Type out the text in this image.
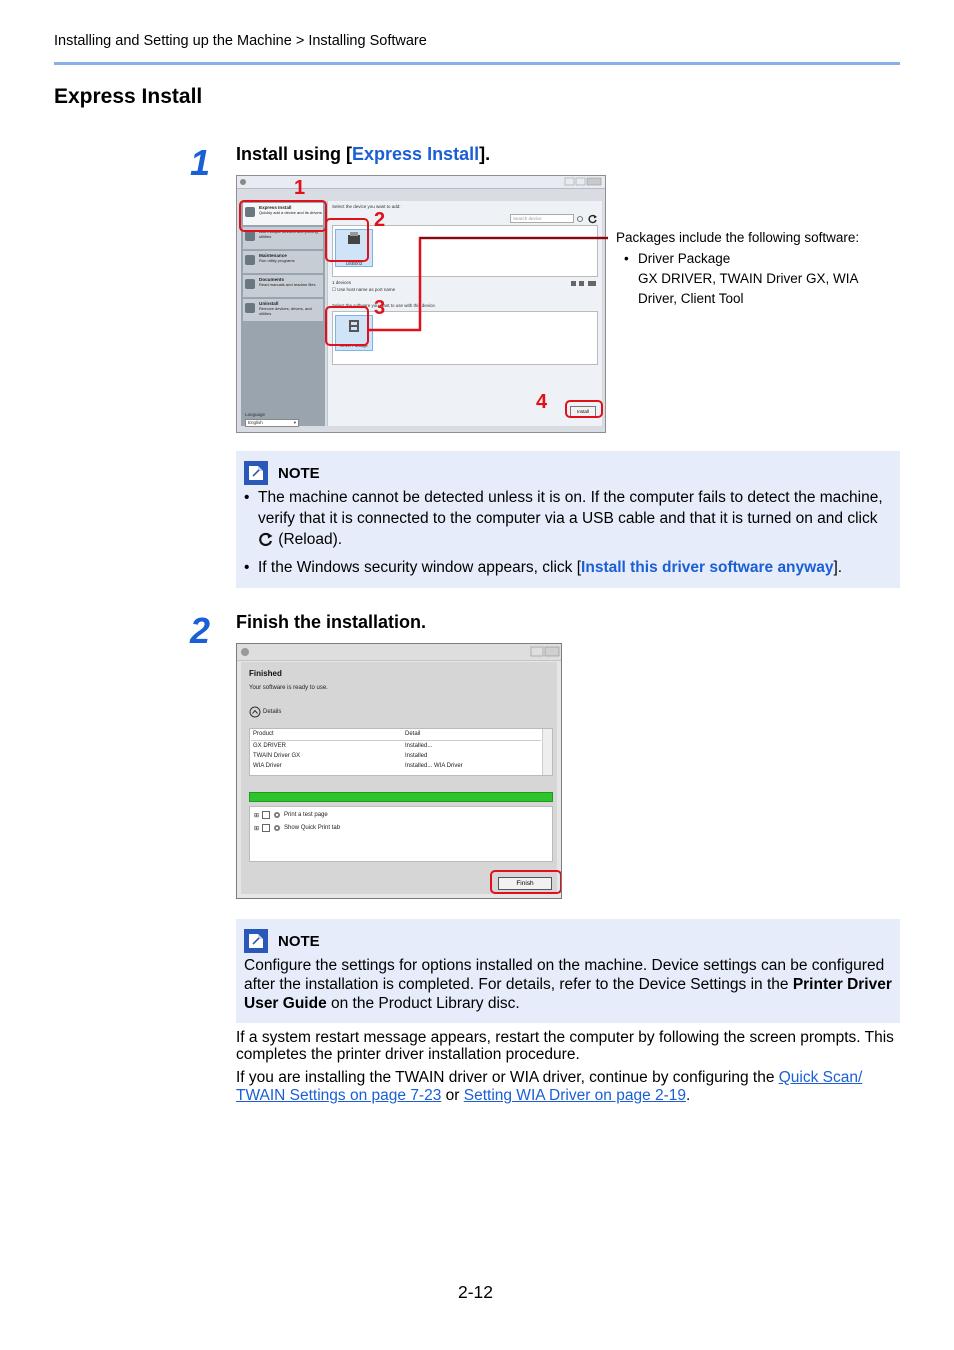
Installing and Setting up the Machine > Installing Software
Express Install
1 Install using [Express Install].
Express Install
Quickly add a device and its drivers
Add multiple devices and printing utilities
Maintenance
Run utility programs
Documents
Read manuals and readme files
Uninstall
Remove devices, drivers, and utilities
Language
English	▾
Select the device you want to add:
Search device
USB002
1 devices
☐ Use host name as port name
Select the software you want to use with this device.
Driver Package
Install
1
2
3
4
Packages include the following software:
• Driver Package
GX DRIVER, TWAIN Driver GX, WIA Driver, Client Tool
NOTE
• The machine cannot be detected unless it is on. If the computer fails to detect the machine, verify that it is connected to the computer via a USB cable and that it is turned on and click  (Reload).
• If the Windows security window appears, click [Install this driver software anyway].
2 Finish the installation.
Finished
Your software is ready to use.
Details
Product	Detail
GX DRIVER	Installed...
TWAIN Driver GX	Installed
WIA Driver	Installed... WIA Driver
⊞	Print a test page
⊞	Show Quick Print tab
Finish
NOTE
Configure the settings for options installed on the machine. Device settings can be configured after the installation is completed. For details, refer to the Device Settings in the Printer Driver User Guide on the Product Library disc.
If a system restart message appears, restart the computer by following the screen prompts. This completes the printer driver installation procedure.
If you are installing the TWAIN driver or WIA driver, continue by configuring the Quick Scan/ TWAIN Settings on page 7-23 or Setting WIA Driver on page 2-19.
2-12
